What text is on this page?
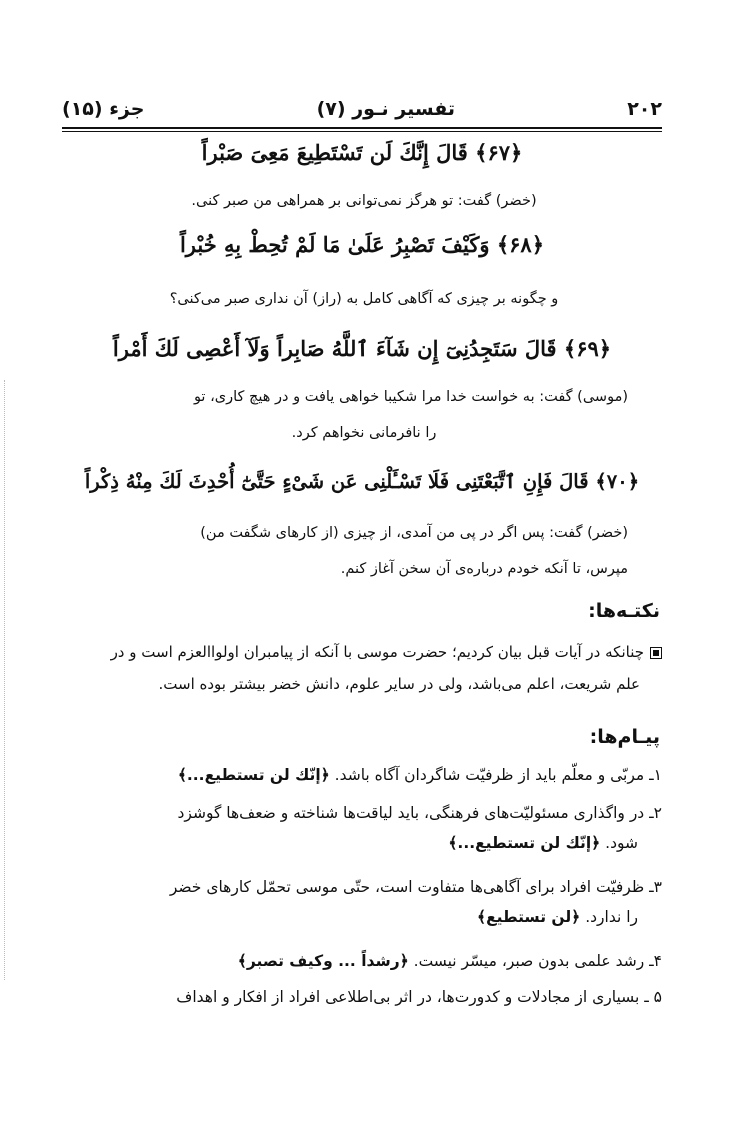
۲۰۲
تفسیر نـور (۷)
جزء (۱۵)
﴿۶۷﴾ قَالَ إِنَّكَ لَن تَسْتَطِيعَ مَعِىَ صَبْراً
(خضر) گفت: تو هرگز نمی‌توانی بر همراهی من صبر کنی.
﴿۶۸﴾ وَكَيْفَ تَصْبِرُ عَلَىٰ مَا لَمْ تُحِطْ بِهِ خُبْراً
و چگونه بر چیزی که آگاهی کامل به (راز) آن نداری صبر می‌کنی؟
﴿۶۹﴾ قَالَ سَتَجِدُنِىٓ إِن شَآءَ ٱللَّهُ صَابِراً وَلَآ أَعْصِى لَكَ أَمْراً
(موسی) گفت: به خواست خدا مرا شکیبا خواهی یافت و در هیچ کاری، تو
را نافرمانی نخواهم کرد.
﴿۷۰﴾ قَالَ فَإِنِ ٱتَّبَعْتَنِى فَلَا تَسْـَٔلْنِى عَن شَىْءٍ حَتَّىٰٓ أُحْدِثَ لَكَ مِنْهُ ذِكْراً
(خضر) گفت: پس اگر در پی من آمدی، از چیزی (از کارهای شگفت من)
مپرس، تا آنکه خودم درباره‌ی آن سخن آغاز کنم.
نکتـه‌ها:
چنانکه در آیات قبل بیان کردیم؛ حضرت موسی با آنکه از پیامبران اولواالعزم است و در
علم شریعت، اعلم می‌باشد، ولی در سایر علوم، دانش خضر بیشتر بوده است.
پیـام‌ها:
۱ـ مربّی و معلّم باید از ظرفیّت شاگردان آگاه باشد. ﴿إنّك لن تستطيع...﴾
۲ـ در واگذاری مسئولیّت‌های فرهنگی، باید لیاقت‌ها شناخته و ضعف‌ها گوشزد
شود. ﴿إنّك لن تستطيع...﴾
۳ـ ظرفیّت افراد برای آگاهی‌ها متفاوت است، حتّی موسی تحمّل کارهای خضر
را ندارد. ﴿لن تستطيع﴾
۴ـ رشد علمی بدون صبر، میسّر نیست. ﴿رشداً ... وكيف تصبر﴾
۵ ـ بسیاری از مجادلات و کدورت‌ها، در اثر بی‌اطلاعی افراد از افکار و اهداف
